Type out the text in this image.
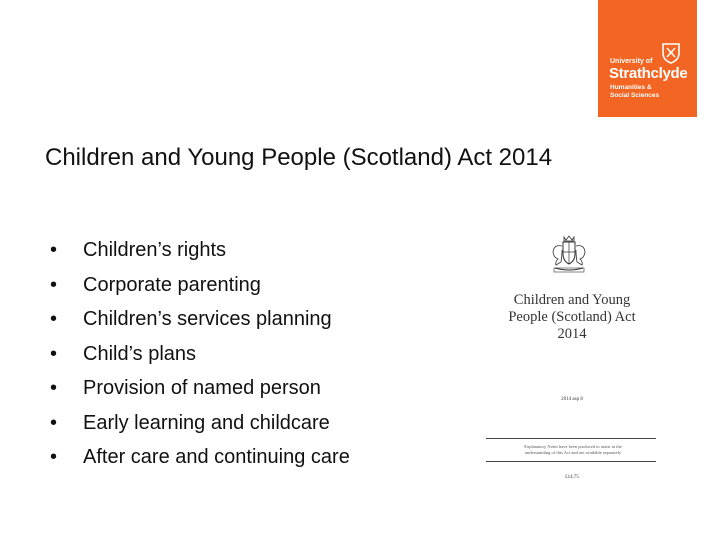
University of
Strathclyde
Humanities &
Social Sciences
Children and Young People (Scotland) Act 2014
•	Children’s rights
•	Corporate parenting
•	Children’s services planning
•	Child’s plans
•	Provision of named person
•	Early learning and childcare
•	After care and continuing care
Children and Young
People (Scotland) Act
2014
2014 asp 8
Explanatory Notes have been produced to assist in the
understanding of this Act and are available separately
£14.75
